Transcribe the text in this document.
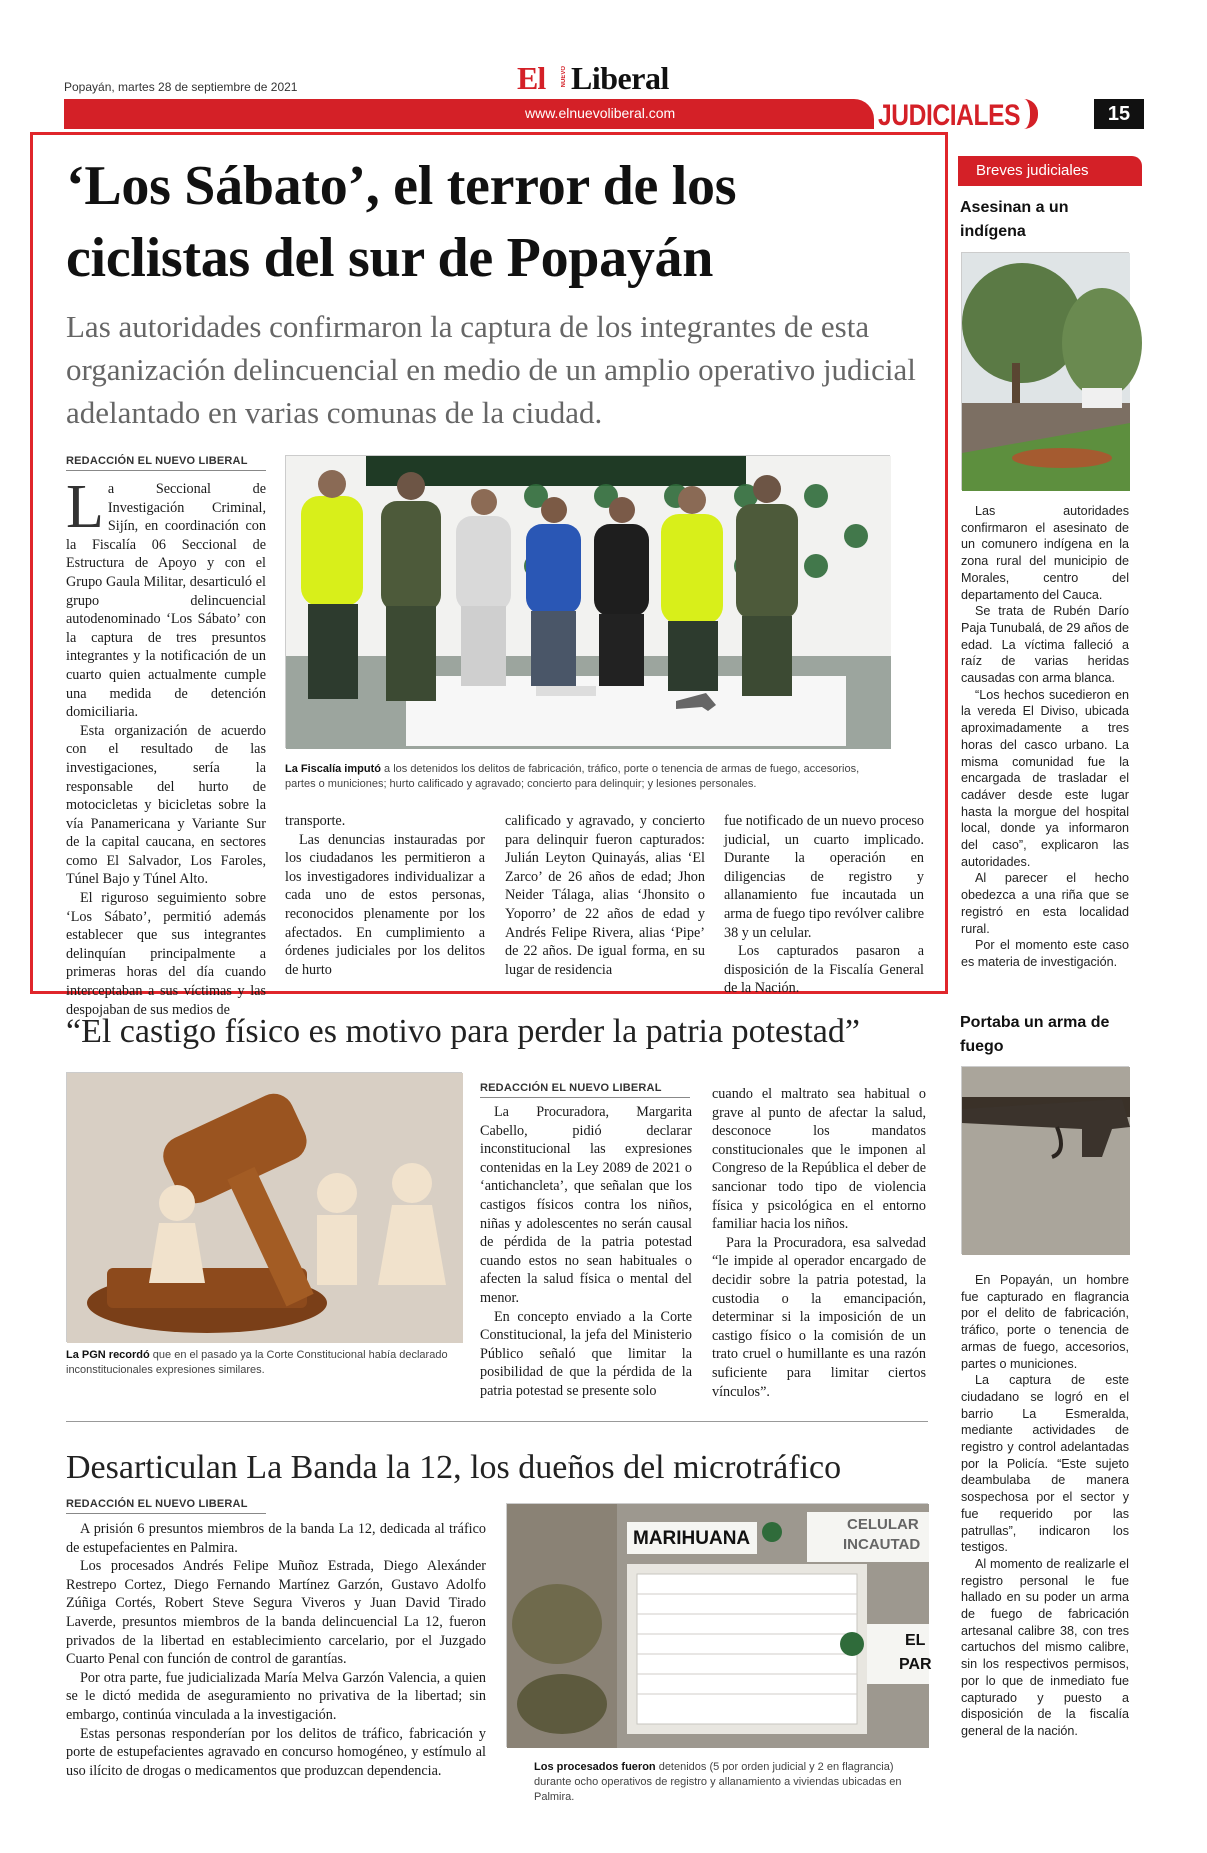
Popayán, martes 28 de septiembre de 2021	El	NUEVO Liberal
www.elnuevoliberal.com	JUDICIALES	15
‘Los Sábato’, el terror de los
ciclistas del sur de Popayán
Las autoridades confirmaron la captura de los integrantes de esta organización delincuencial en medio de un amplio operativo judicial adelantado en varias comunas de la ciudad.
REDACCIÓN EL NUEVO LIBERAL
La Fiscalía imputó a los detenidos los delitos de fabricación, tráfico, porte o tenencia de armas de fuego, accesorios, partes o municiones; hurto calificado y agravado; concierto para delinquir; y lesiones personales.

La Seccional de Investigación Criminal, Sijín, en coordinación con la Fiscalía 06 Seccional de Estructura de Apoyo y con el Grupo Gaula Militar, desarticuló el grupo delincuencial autodenominado ‘Los Sábato’ con la captura de tres presuntos integrantes y la notificación de un cuarto quien actualmente cumple una medida de detención domiciliaria.

Esta organización de acuerdo con el resultado de las investigaciones, sería la responsable del hurto de motocicletas y bicicletas sobre la vía Panamericana y Variante Sur de la capital caucana, en sectores como El Salvador, Los Faroles, Túnel Bajo y Túnel Alto.

El riguroso seguimiento sobre ‘Los Sábato’, permitió además establecer que sus integrantes delinquían principalmente a primeras horas del día cuando interceptaban a sus víctimas y las despojaban de sus medios de

transporte.

Las denuncias instauradas por los ciudadanos les permitieron a los investigadores individualizar a cada uno de estos personas, reconocidos plenamente por los afectados. En cumplimiento a órdenes judiciales por los delitos de hurto

calificado y agravado, y concierto para delinquir fueron capturados: Julián Leyton Quinayás, alias ‘El Zarco’ de 26 años de edad; Jhon Neider Tálaga, alias ‘Jhonsito o Yoporro’ de 22 años de edad y Andrés Felipe Rivera, alias ‘Pipe’ de 22 años. De igual forma, en su lugar de residencia

fue notificado de un nuevo proceso judicial, un cuarto implicado. Durante la operación en diligencias de registro y allanamiento fue incautada un arma de fuego tipo revólver calibre 38 y un celular.

Los capturados pasaron a disposición de la Fiscalía General de la Nación.

“El castigo físico es motivo para perder la patria potestad”
La PGN recordó que en el pasado ya la Corte Constitucional había declarado inconstitucionales expresiones similares.
REDACCIÓN EL NUEVO LIBERAL

La Procuradora, Margarita Cabello, pidió declarar inconstitucional las expresiones contenidas en la Ley 2089 de 2021 o ‘antichancleta’, que señalan que los castigos físicos contra los niños, niñas y adolescentes no serán causal de pérdida de la patria potestad cuando estos no sean habituales o afecten la salud física o mental del menor.

En concepto enviado a la Corte Constitucional, la jefa del Ministerio Público señaló que limitar la posibilidad de que la pérdida de la patria potestad se presente solo

cuando el maltrato sea habitual o grave al punto de afectar la salud, desconoce los mandatos constitucionales que le imponen al Congreso de la República el deber de sancionar todo tipo de violencia física y psicológica en el entorno familiar hacia los niños.

Para la Procuradora, esa salvedad “le impide al operador encargado de decidir sobre la patria potestad, la custodia o la emancipación, determinar si la imposición de un castigo físico o la comisión de un trato cruel o humillante es una razón suficiente para limitar ciertos vínculos”.

Desarticulan La Banda la 12, los dueños del microtráfico
REDACCIÓN EL NUEVO LIBERAL

A prisión 6 presuntos miembros de la banda La 12, dedicada al tráfico de estupefacientes en Palmira.

Los procesados Andrés Felipe Muñoz Estrada, Diego Alexánder Restrepo Cortez, Diego Fernando Martínez Garzón, Gustavo Adolfo Zúñiga Cortés, Robert Steve Segura Viveros y Juan David Tirado Laverde, presuntos miembros de la banda delincuencial La 12, fueron privados de la libertad en establecimiento carcelario, por el Juzgado Cuarto Penal con función de control de garantías.

Por otra parte, fue judicializada María Melva Garzón Valencia, a quien se le dictó medida de aseguramiento no privativa de la libertad; sin embargo, continúa vinculada a la investigación.

Estas personas responderían por los delitos de tráfico, fabricación y porte de estupefacientes agravado en concurso homogéneo, y estímulo al uso ilícito de drogas o medicamentos que produzcan dependencia.

MARIHUANA
CELULAR
INCAUTAD
EL
PAR
Los procesados fueron detenidos (5 por orden judicial y 2 en flagrancia) durante ocho operativos de registro y allanamiento a viviendas ubicadas en Palmira.
Breves judiciales
Asesinan a un indígena

Las autoridades confirmaron el asesinato de un comunero indígena en la zona rural del municipio de Morales, centro del departamento del Cauca.

Se trata de Rubén Darío Paja Tunubalá, de 29 años de edad. La víctima falleció a raíz de varias heridas causadas con arma blanca.

“Los hechos sucedieron en la vereda El Diviso, ubicada aproximadamente a tres horas del casco urbano. La misma comunidad fue la encargada de trasladar el cadáver desde este lugar hasta la morgue del hospital local, donde ya informaron del caso”, explicaron las autoridades.

Al parecer el hecho obedezca a una riña que se registró en esta localidad rural.

Por el momento este caso es materia de investigación.

Portaba un arma de fuego

En Popayán, un hombre fue capturado en flagrancia por el delito de fabricación, tráfico, porte o tenencia de armas de fuego, accesorios, partes o municiones.

La captura de este ciudadano se logró en el barrio La Esmeralda, mediante actividades de registro y control adelantadas por la Policía. “Este sujeto deambulaba de manera sospechosa por el sector y fue requerido por las patrullas”, indicaron los testigos.

Al momento de realizarle el registro personal le fue hallado en su poder un arma de fuego de fabricación artesanal calibre 38, con tres cartuchos del mismo calibre, sin los respectivos permisos, por lo que de inmediato fue capturado y puesto a disposición de la fiscalía general de la nación.
